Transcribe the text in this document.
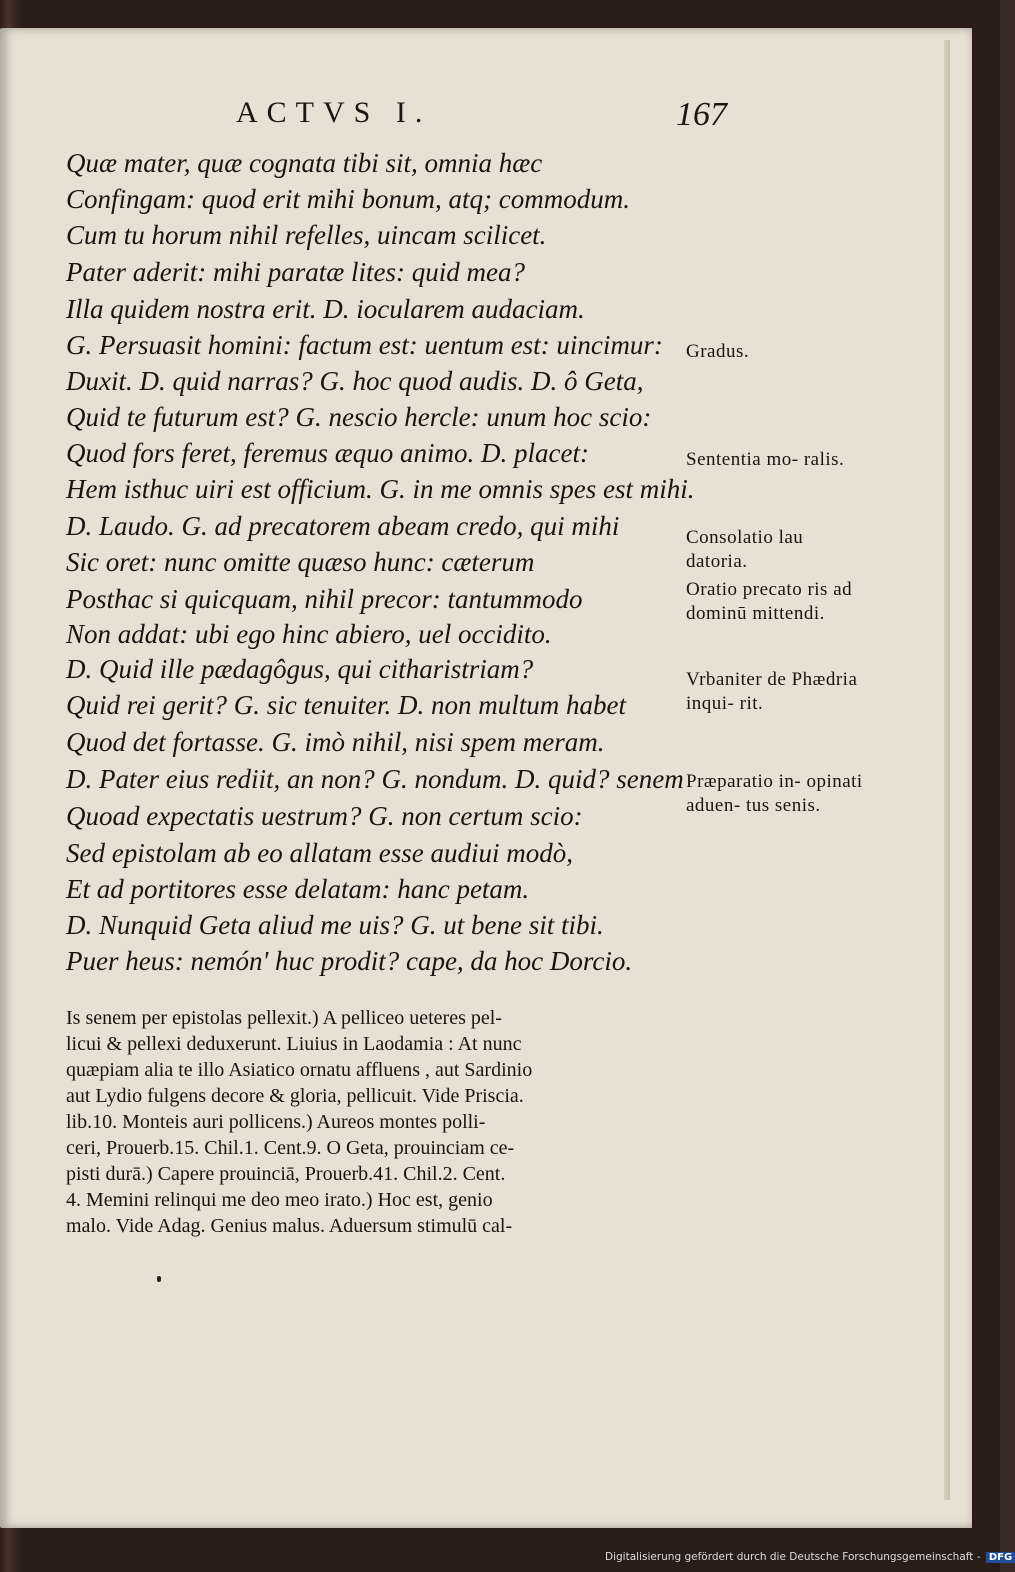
ACTVS I.	167
Quæ mater, quæ cognata tibi sit, omnia hæc
Confingam: quod erit mihi bonum, atq; commodum.
Cum tu horum nihil refelles, uincam scilicet.
Pater aderit: mihi paratæ lites: quid mea?
Illa quidem nostra erit. D. iocularem audaciam.
G. Persuasit homini: factum est: uentum est: uincimur:
Duxit. D. quid narras? G. hoc quod audis. D. ô Geta,
Quid te futurum est? G. nescio hercle: unum hoc scio:
Quod fors feret, feremus æquo animo. D. placet:
Hem isthuc uiri est officium. G. in me omnis spes est mihi.
D. Laudo. G. ad precatorem abeam credo, qui mihi
Sic oret: nunc omitte quæso hunc: cæterum
Posthac si quicquam, nihil precor: tantummodo
Non addat: ubi ego hinc abiero, uel occidito.
D. Quid ille pædagôgus, qui citharistriam?
Quid rei gerit? G. sic tenuiter. D. non multum habet
Quod det fortasse. G. imò nihil, nisi spem meram.
D. Pater eius rediit, an non? G. nondum. D. quid? senem
Quoad expectatis uestrum? G. non certum scio:
Sed epistolam ab eo allatam esse audiui modò,
Et ad portitores esse delatam: hanc petam.
D. Nunquid Geta aliud me uis? G. ut bene sit tibi.
Puer heus: nemón' huc prodit? cape, da hoc Dorcio.
Gradus.
Sententia mo- ralis.
Consolatio lau datoria.
Oratio precato ris ad dominū mittendi.
Vrbaniter de Phædria inqui- rit.
Præparatio in- opinati aduen- tus senis.
Is senem per epistolas pellexit.) A pelliceo ueteres pel-
licui & pellexi deduxerunt. Liuius in Laodamia : At nunc
quæpiam alia te illo Asiatico ornatu affluens , aut Sardinio
aut Lydio fulgens decore & gloria, pellicuit. Vide Priscia.
lib.10. Monteis auri pollicens.) Aureos montes polli-
ceri, Prouerb.15. Chil.1. Cent.9. O Geta, prouinciam ce-
pisti durā.) Capere prouinciā, Prouerb.41. Chil.2. Cent.
4. Memini relinqui me deo meo irato.) Hoc est, genio
malo. Vide Adag. Genius malus. Aduersum stimulū cal-
Digitalisierung gefördert durch die Deutsche Forschungsgemeinschaft - DFG
